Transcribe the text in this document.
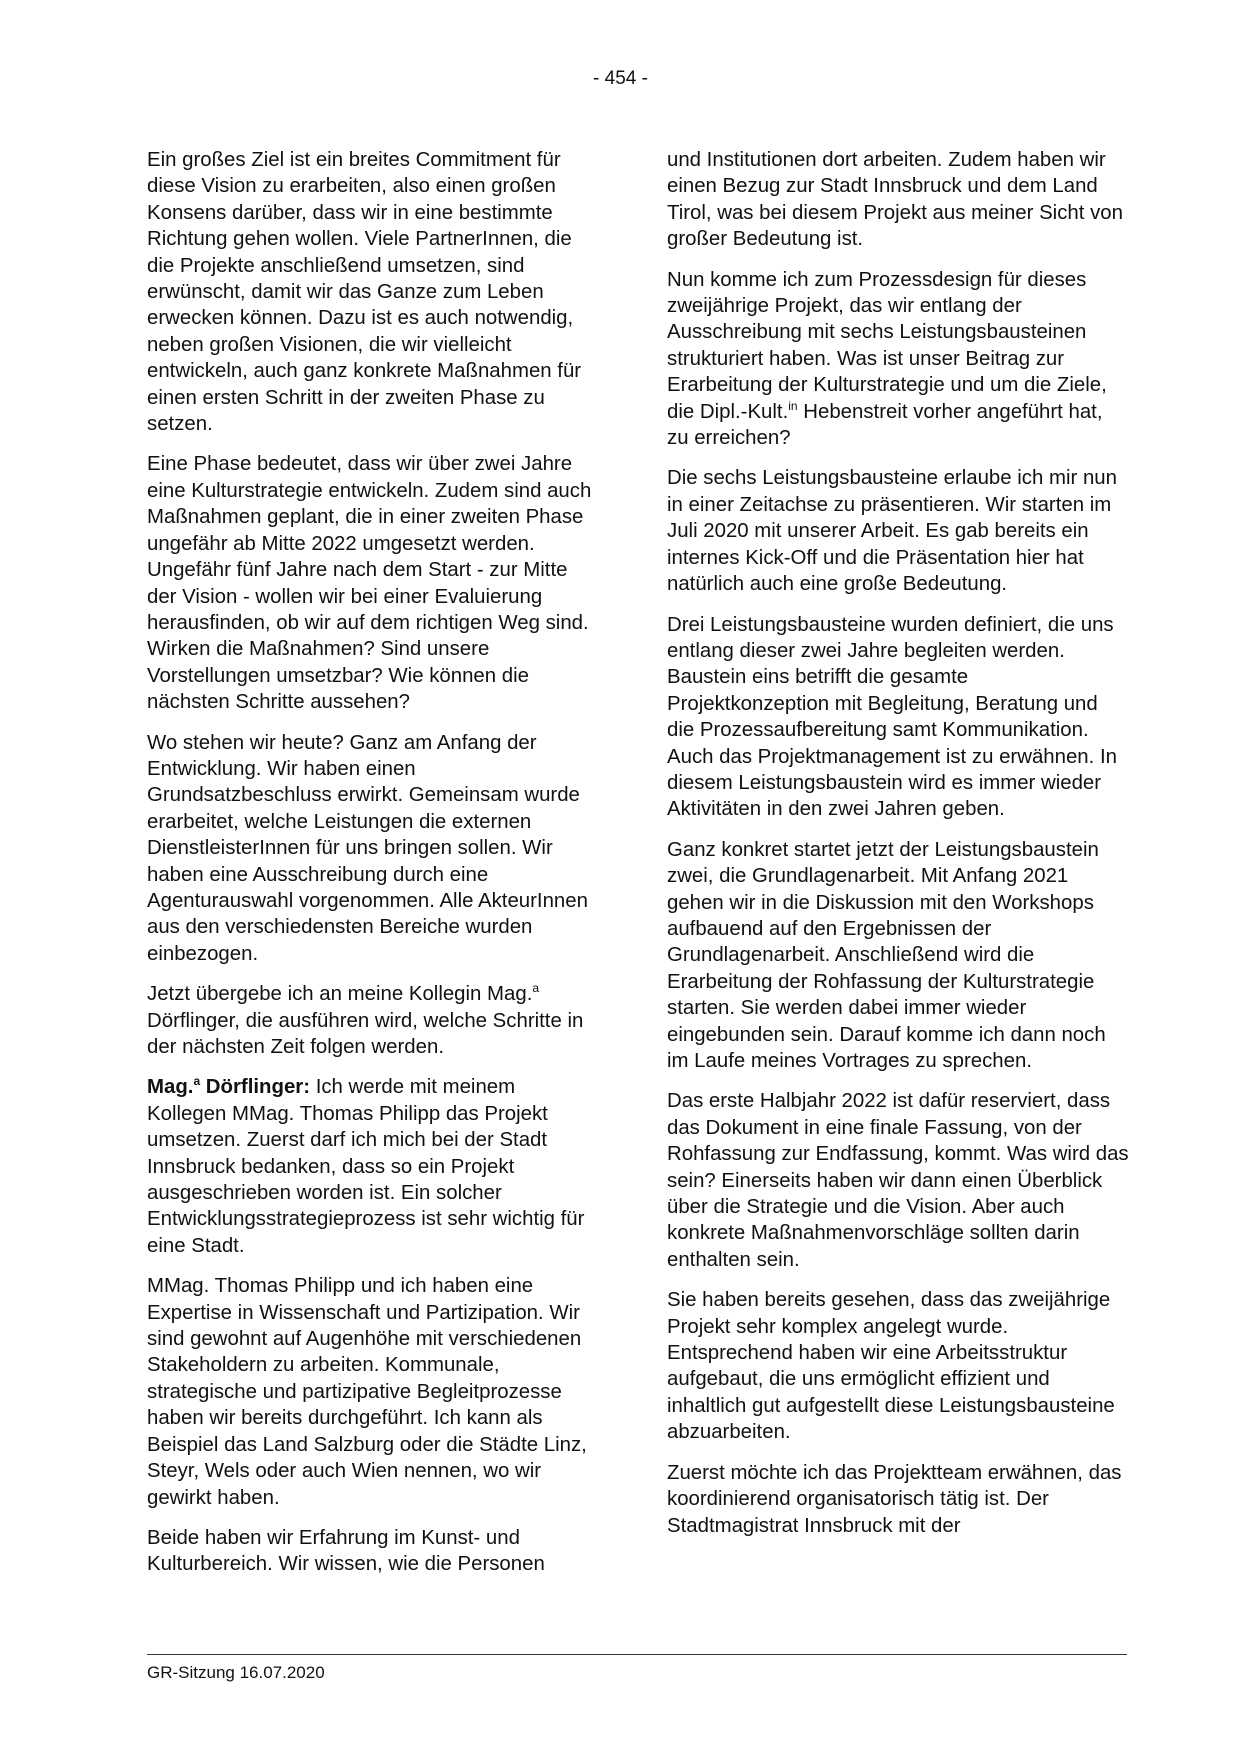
- 454 -

Ein großes Ziel ist ein breites Commitment für diese Vision zu erarbeiten, also einen großen Konsens darüber, dass wir in eine bestimmte Richtung gehen wollen. Viele PartnerInnen, die die Projekte anschließend umsetzen, sind erwünscht, damit wir das Ganze zum Leben erwecken können. Dazu ist es auch notwendig, neben großen Visionen, die wir vielleicht entwickeln, auch ganz konkrete Maßnahmen für einen ersten Schritt in der zweiten Phase zu setzen.

Eine Phase bedeutet, dass wir über zwei Jahre eine Kulturstrategie entwickeln. Zudem sind auch Maßnahmen geplant, die in einer zweiten Phase ungefähr ab Mitte 2022 umgesetzt werden. Ungefähr fünf Jahre nach dem Start - zur Mitte der Vision - wollen wir bei einer Evaluierung herausfinden, ob wir auf dem richtigen Weg sind. Wirken die Maßnahmen? Sind unsere Vorstellungen umsetzbar? Wie können die nächsten Schritte aussehen?

Wo stehen wir heute? Ganz am Anfang der Entwicklung. Wir haben einen Grundsatzbeschluss erwirkt. Gemeinsam wurde erarbeitet, welche Leistungen die externen DienstleisterInnen für uns bringen sollen. Wir haben eine Ausschreibung durch eine Agenturauswahl vorgenommen. Alle AkteurInnen aus den verschiedensten Bereiche wurden einbezogen.

Jetzt übergebe ich an meine Kollegin Mag.$^a$ Dörflinger, die ausführen wird, welche Schritte in der nächsten Zeit folgen werden.

Mag.$^a$ Dörflinger: Ich werde mit meinem Kollegen MMag. Thomas Philipp das Projekt umsetzen. Zuerst darf ich mich bei der Stadt Innsbruck bedanken, dass so ein Projekt ausgeschrieben worden ist. Ein solcher Entwicklungsstrategieprozess ist sehr wichtig für eine Stadt.

MMag. Thomas Philipp und ich haben eine Expertise in Wissenschaft und Partizipation. Wir sind gewohnt auf Augenhöhe mit verschiedenen Stakeholdern zu arbeiten. Kommunale, strategische und partizipative Begleitprozesse haben wir bereits durchgeführt. Ich kann als Beispiel das Land Salzburg oder die Städte Linz, Steyr, Wels oder auch Wien nennen, wo wir gewirkt haben.

Beide haben wir Erfahrung im Kunst- und Kulturbereich. Wir wissen, wie die Personen

und Institutionen dort arbeiten. Zudem haben wir einen Bezug zur Stadt Innsbruck und dem Land Tirol, was bei diesem Projekt aus meiner Sicht von großer Bedeutung ist.

Nun komme ich zum Prozessdesign für dieses zweijährige Projekt, das wir entlang der Ausschreibung mit sechs Leistungsbausteinen strukturiert haben. Was ist unser Beitrag zur Erarbeitung der Kulturstrategie und um die Ziele, die Dipl.-Kult.$^{in}$ Hebenstreit vorher angeführt hat, zu erreichen?

Die sechs Leistungsbausteine erlaube ich mir nun in einer Zeitachse zu präsentieren. Wir starten im Juli 2020 mit unserer Arbeit. Es gab bereits ein internes Kick-Off und die Präsentation hier hat natürlich auch eine große Bedeutung.

Drei Leistungsbausteine wurden definiert, die uns entlang dieser zwei Jahre begleiten werden. Baustein eins betrifft die gesamte Projektkonzeption mit Begleitung, Beratung und die Prozessaufbereitung samt Kommunikation. Auch das Projektmanagement ist zu erwähnen. In diesem Leistungsbaustein wird es immer wieder Aktivitäten in den zwei Jahren geben.

Ganz konkret startet jetzt der Leistungsbaustein zwei, die Grundlagenarbeit. Mit Anfang 2021 gehen wir in die Diskussion mit den Workshops aufbauend auf den Ergebnissen der Grundlagenarbeit. Anschließend wird die Erarbeitung der Rohfassung der Kulturstrategie starten. Sie werden dabei immer wieder eingebunden sein. Darauf komme ich dann noch im Laufe meines Vortrages zu sprechen.

Das erste Halbjahr 2022 ist dafür reserviert, dass das Dokument in eine finale Fassung, von der Rohfassung zur Endfassung, kommt. Was wird das sein? Einerseits haben wir dann einen Überblick über die Strategie und die Vision. Aber auch konkrete Maßnahmenvorschläge sollten darin enthalten sein.

Sie haben bereits gesehen, dass das zweijährige Projekt sehr komplex angelegt wurde. Entsprechend haben wir eine Arbeitsstruktur aufgebaut, die uns ermöglicht effizient und inhaltlich gut aufgestellt diese Leistungsbausteine abzuarbeiten.

Zuerst möchte ich das Projektteam erwähnen, das koordinierend organisatorisch tätig ist. Der Stadtmagistrat Innsbruck mit der

GR-Sitzung 16.07.2020
